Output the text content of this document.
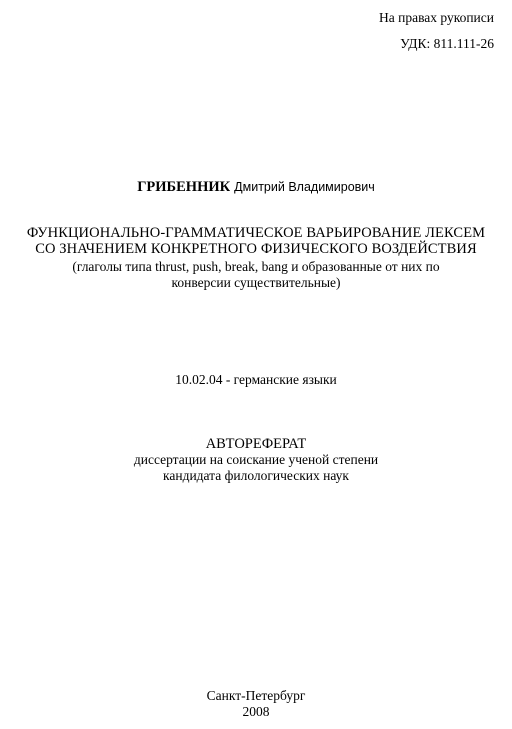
На правах рукописи
УДК: 811.111-26
ГРИБЕННИК Дмитрий Владимирович
ФУНКЦИОНАЛЬНО-ГРАММАТИЧЕСКОЕ ВАРЬИРОВАНИЕ ЛЕКСЕМ
СО ЗНАЧЕНИЕМ КОНКРЕТНОГО ФИЗИЧЕСКОГО ВОЗДЕЙСТВИЯ
(глаголы типа thrust, push, break, bang и образованные от них по
конверсии существительные)
10.02.04 - германские языки
АВТОРЕФЕРАТ
диссертации на соискание ученой степени
кандидата филологических наук
Санкт-Петербург
2008
